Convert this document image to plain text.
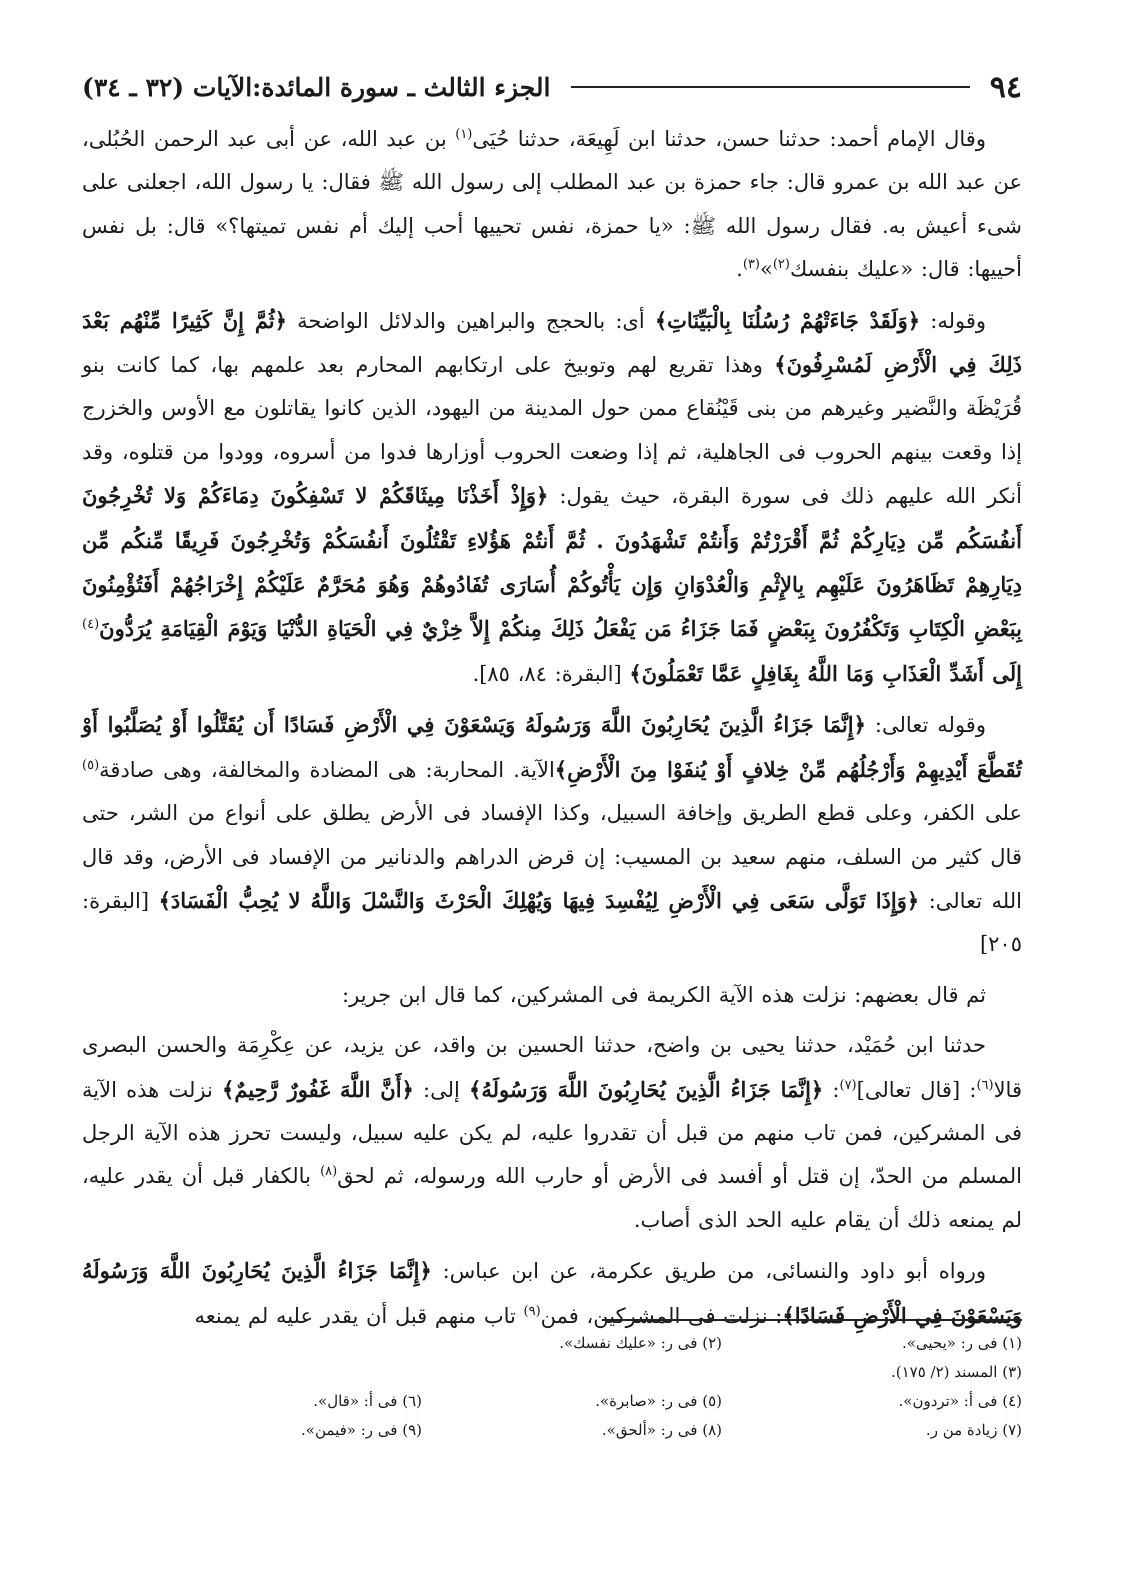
٩٤
الجزء الثالث ـ سورة المائدة:الآيات (٣٢ ـ ٣٤)

وقال الإمام أحمد: حدثنا حسن، حدثنا ابن لَهِيعَة، حدثنا حُيَى$^{(١)}$ بن عبد الله، عن أبى عبد الرحمن الحُبُلى، عن عبد الله بن عمرو قال: جاء حمزة بن عبد المطلب إلى رسول الله ﷺ فقال: يا رسول الله، اجعلنى على شىء أعيش به. فقال رسول الله ﷺ: «يا حمزة، نفس تحييها أحب إليك أم نفس تميتها؟» قال: بل نفس أحييها: قال: «عليك بنفسك$^{(٢)}$»$^{(٣)}$.

وقوله: ﴿وَلَقَدْ جَاءَتْهُمْ رُسُلُنَا بِالْبَيِّنَاتِ﴾ أى: بالحجج والبراهين والدلائل الواضحة ﴿ثُمَّ إِنَّ كَثِيرًا مِّنْهُم بَعْدَ ذَلِكَ فِي الْأَرْضِ لَمُسْرِفُونَ﴾ وهذا تقريع لهم وتوبيخ على ارتكابهم المحارم بعد علمهم بها، كما كانت بنو قُرَيْظَة والنَّضير وغيرهم من بنى قَيْنُقاع ممن حول المدينة من اليهود، الذين كانوا يقاتلون مع الأوس والخزرج إذا وقعت بينهم الحروب فى الجاهلية، ثم إذا وضعت الحروب أوزارها فدوا من أسروه، وودوا من قتلوه، وقد أنكر الله عليهم ذلك فى سورة البقرة، حيث يقول: ﴿وَإِذْ أَخَذْنَا مِيثَاقَكُمْ لا تَسْفِكُونَ دِمَاءَكُمْ وَلا تُخْرِجُونَ أَنفُسَكُم مِّن دِيَارِكُمْ ثُمَّ أَقْرَرْتُمْ وَأَنتُمْ تَشْهَدُونَ . ثُمَّ أَنتُمْ هَؤُلاءِ تَقْتُلُونَ أَنفُسَكُمْ وَتُخْرِجُونَ فَرِيقًا مِّنكُم مِّن دِيَارِهِمْ تَظَاهَرُونَ عَلَيْهِم بِالإِثْمِ وَالْعُدْوَانِ وَإِن يَأْتُوكُمْ أُسَارَى تُفَادُوهُمْ وَهُوَ مُحَرَّمٌ عَلَيْكُمْ إِخْرَاجُهُمْ أَفَتُؤْمِنُونَ بِبَعْضِ الْكِتَابِ وَتَكْفُرُونَ بِبَعْضٍ فَمَا جَزَاءُ مَن يَفْعَلُ ذَلِكَ مِنكُمْ إِلاَّ خِزْيٌ فِي الْحَيَاةِ الدُّنْيَا وَيَوْمَ الْقِيَامَةِ يُرَدُّونَ$^{(٤)}$ إِلَى أَشَدِّ الْعَذَابِ وَمَا اللَّهُ بِغَافِلٍ عَمَّا تَعْمَلُونَ﴾ [البقرة: ٨٤، ٨٥].

وقوله تعالى: ﴿إِنَّمَا جَزَاءُ الَّذِينَ يُحَارِبُونَ اللَّهَ وَرَسُولَهُ وَيَسْعَوْنَ فِي الْأَرْضِ فَسَادًا أَن يُقَتَّلُوا أَوْ يُصَلَّبُوا أَوْ تُقَطَّعَ أَيْدِيهِمْ وَأَرْجُلُهُم مِّنْ خِلافٍ أَوْ يُنفَوْا مِنَ الْأَرْضِ﴾الآية. المحاربة: هى المضادة والمخالفة، وهى صادقة$^{(٥)}$ على الكفر، وعلى قطع الطريق وإخافة السبيل، وكذا الإفساد فى الأرض يطلق على أنواع من الشر، حتى قال كثير من السلف، منهم سعيد بن المسيب: إن قرض الدراهم والدنانير من الإفساد فى الأرض، وقد قال الله تعالى: ﴿وَإِذَا تَوَلَّى سَعَى فِي الْأَرْضِ لِيُفْسِدَ فِيهَا وَيُهْلِكَ الْحَرْثَ وَالنَّسْلَ وَاللَّهُ لا يُحِبُّ الْفَسَادَ﴾ [البقرة: ٢٠٥]

ثم قال بعضهم: نزلت هذه الآية الكريمة فى المشركين، كما قال ابن جرير:

حدثنا ابن حُمَيْد، حدثنا يحيى بن واضح، حدثنا الحسين بن واقد، عن يزيد، عن عِكْرِمَة والحسن البصرى قالا$^{(٦)}$: [قال تعالى]$^{(٧)}$: ﴿إِنَّمَا جَزَاءُ الَّذِينَ يُحَارِبُونَ اللَّهَ وَرَسُولَهُ﴾ إلى: ﴿أَنَّ اللَّهَ غَفُورٌ رَّحِيمٌ﴾ نزلت هذه الآية فى المشركين، فمن تاب منهم من قبل أن تقدروا عليه، لم يكن عليه سبيل، وليست تحرز هذه الآية الرجل المسلم من الحدّ، إن قتل أو أفسد فى الأرض أو حارب الله ورسوله، ثم لحق$^{(٨)}$ بالكفار قبل أن يقدر عليه، لم يمنعه ذلك أن يقام عليه الحد الذى أصاب.

ورواه أبو داود والنسائى، من طريق عكرمة، عن ابن عباس: ﴿إِنَّمَا جَزَاءُ الَّذِينَ يُحَارِبُونَ اللَّهَ وَرَسُولَهُ وَيَسْعَوْنَ فِي الْأَرْضِ فَسَادًا﴾: نزلت فى المشركين، فمن$^{(٩)}$ تاب منهم قبل أن يقدر عليه لم يمنعه

(١) فى ر: «يحيى».
(٢) فى ر: «عليك نفسك».
(٣) المسند (٢/ ١٧٥).
(٤) فى أ: «تردون».
(٥) فى ر: «صابرة».
(٦) فى أ: «قال».
(٧) زيادة من ر.
(٨) فى ر: «ألحق».
(٩) فى ر: «فيمن».
